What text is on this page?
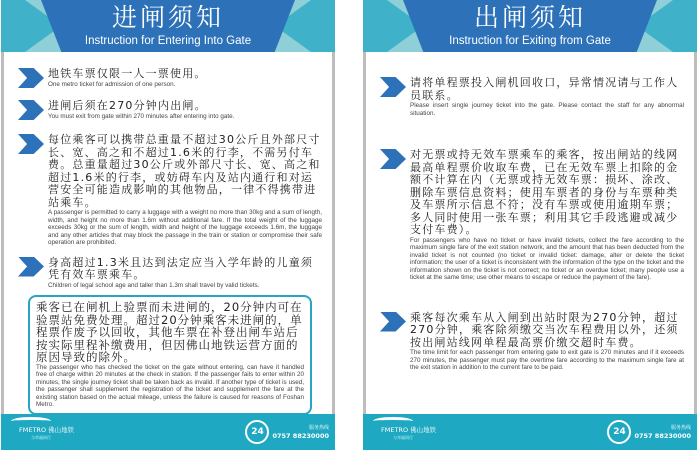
进闸须知
Instruction for Entering Into Gate
地铁车票仅限一人一票使用。
One metro ticket for admission of one person.
进闸后须在270分钟内出闸。
You must exit from gate within 270 minutes after entering into gate.
每位乘客可以携带总重量不超过30公斤且外部尺寸长、宽、高之和不超过1.6米的行李，不需另付车费。总重量超过30公斤或外部尺寸长、宽、高之和超过1.6米的行李，或妨碍车内及站内通行和对运营安全可能造成影响的其他物品，一律不得携带进站乘车。
A passenger is permitted to carry a luggage with a weight no more than 30kg and a sum of length, width, and height no more than 1.6m without additional fare. If the total weight of the luggage exceeds 30kg or the sum of length, width and height of the luggage exceeds 1.6m, the luggage and any other articles that may block the passage in the train or station or compromise their safe operation are prohibited.
身高超过1.3米且达到法定应当入学年龄的儿童须凭有效车票乘车。
Children of legal school age and taller than 1.3m shall travel by valid tickets.
乘客已在闸机上验票而未进闸的，20分钟内可在验票站免费处理。超过20分钟乘客未进闸的，单程票作废予以回收，其他车票在补登出闸车站后按实际里程补缴费用，但因佛山地铁运营方面的原因导致的除外。
The passenger who has checked the ticket on the gate without entering, can have it handled free of charge within 20 minutes at the check in station. If the passenger fails to enter within 20 minutes, the single journey ticket shall be taken back as invalid. If another type of ticket is used, the passenger shall supplement the registration of the ticket and supplement the fare at the existing station based on the actual mileage, unless the failure is caused for reasons of Foshan Metro.
FMETRO 佛山地铁
与幸福同行
24	服务热线
0757 88230000
出闸须知
Instruction for Exiting from Gate
请将单程票投入闸机回收口，异常情况请与工作人员联系。
Please insert single journey ticket into the gate. Please contact the staff for any abnormal situation.
对无票或持无效车票乘车的乘客，按出闸站的线网最高单程票价收取车费，已在无效车票上扣除的金额不计算在内（无票或持无效车票：损坏、涂改、删除车票信息资料；使用车票者的身份与车票种类及车票所示信息不符；没有车票或使用逾期车票；多人同时使用一张车票；利用其它手段逃避或减少支付车费）。
For passengers who have no ticket or have invalid tickets, collect the fare according to the maximum single fare of the exit station network, and the amount that has been deducted from the invalid ticket is not counted (no ticket or invalid ticket: damage, alter or delete the ticket information; the user of a ticket is inconsistent with the information of the type on the ticket and the information shown on the ticket is not correct; no ticket or an overdue ticket; many people use a ticket at the same time; use other means to escape or reduce the payment of the fare).
乘客每次乘车从入闸到出站时限为270分钟，超过270分钟，乘客除须缴交当次车程费用以外，还须按出闸站线网单程最高票价缴交超时车费。
The time limit for each passenger from entering gate to exit gate is 270 minutes and if it exceeds 270 minutes, the passenger must pay the overtime fare according to the maximum single fare at the exit station in addition to the current fare to be paid.
FMETRO 佛山地铁
与幸福同行
24	服务热线
0757 88230000
